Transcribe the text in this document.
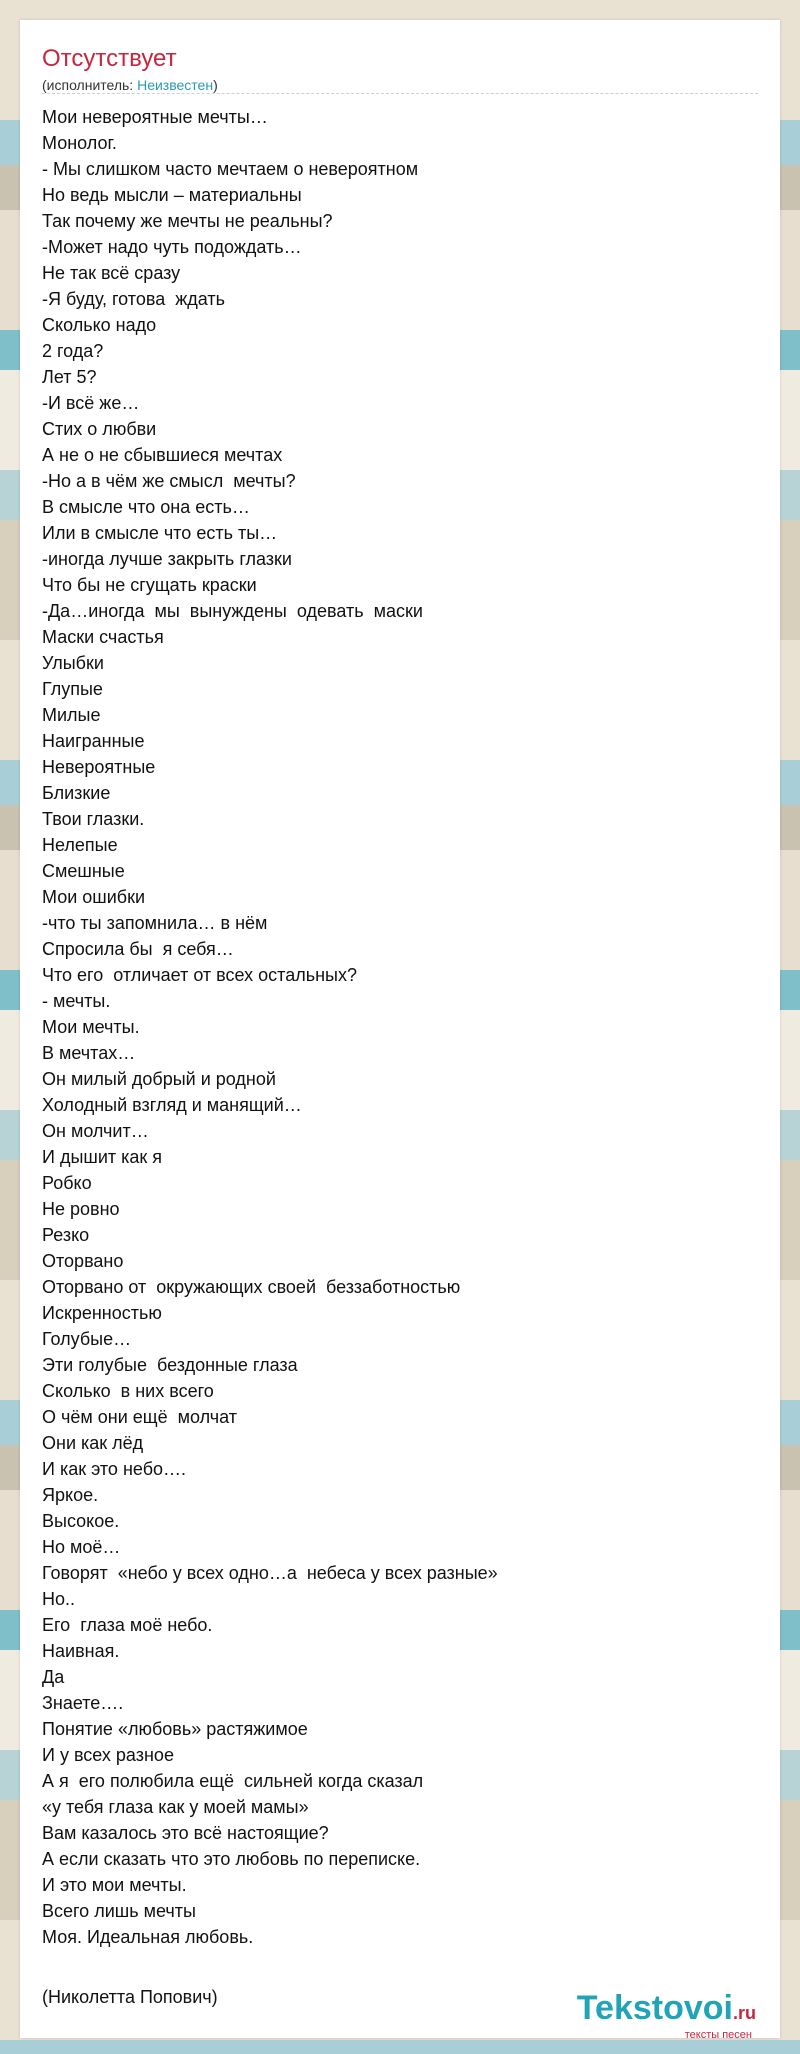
Отсутствует
(исполнитель: Неизвестен)
Мои невероятные мечты…
Монолог.
- Мы слишком часто мечтаем о невероятном
Но ведь мысли – материальны
Так почему же мечты не реальны?
-Может надо чуть подождать…
Не так всё сразу
-Я буду, готова  ждать
Сколько надо
2 года?
Лет 5?
-И всё же…
Стих о любви
А не о не сбывшиеся мечтах
-Но а в чём же смысл  мечты?
В смысле что она есть…
Или в смысле что есть ты…
-иногда лучше закрыть глазки
Что бы не сгущать краски
-Да…иногда  мы  вынуждены  одевать  маски
Маски счастья
Улыбки
Глупые
Милые
Наигранные
Невероятные
Близкие
Твои глазки.
Нелепые
Смешные
Мои ошибки
-что ты запомнила… в нём
Спросила бы  я себя…
Что его  отличает от всех остальных?
- мечты.
Мои мечты.
В мечтах…
Он милый добрый и родной
Холодный взгляд и манящий…
Он молчит…
И дышит как я
Робко
Не ровно
Резко
Оторвано
Оторвано от  окружающих своей  беззаботностью
Искренностью
Голубые…
Эти голубые  бездонные глаза
Сколько  в них всего
О чём они ещё  молчат
Они как лёд
И как это небо….
Яркое.
Высокое.
Но моё…
Говорят  «небо у всех одно…а  небеса у всех разные»
Но..
Его  глаза моё небо.
Наивная.
Да
Знаете….
Понятие «любовь» растяжимое
И у всех разное
А я  его полюбила ещё  сильней когда сказал
«у тебя глаза как у моей мамы»
Вам казалось это всё настоящие?
А если сказать что это любовь по переписке.
И это мои мечты.
Всего лишь мечты
Моя. Идеальная любовь.
(Николетта Попович)	Tekstovoi.ru
тексты песен
